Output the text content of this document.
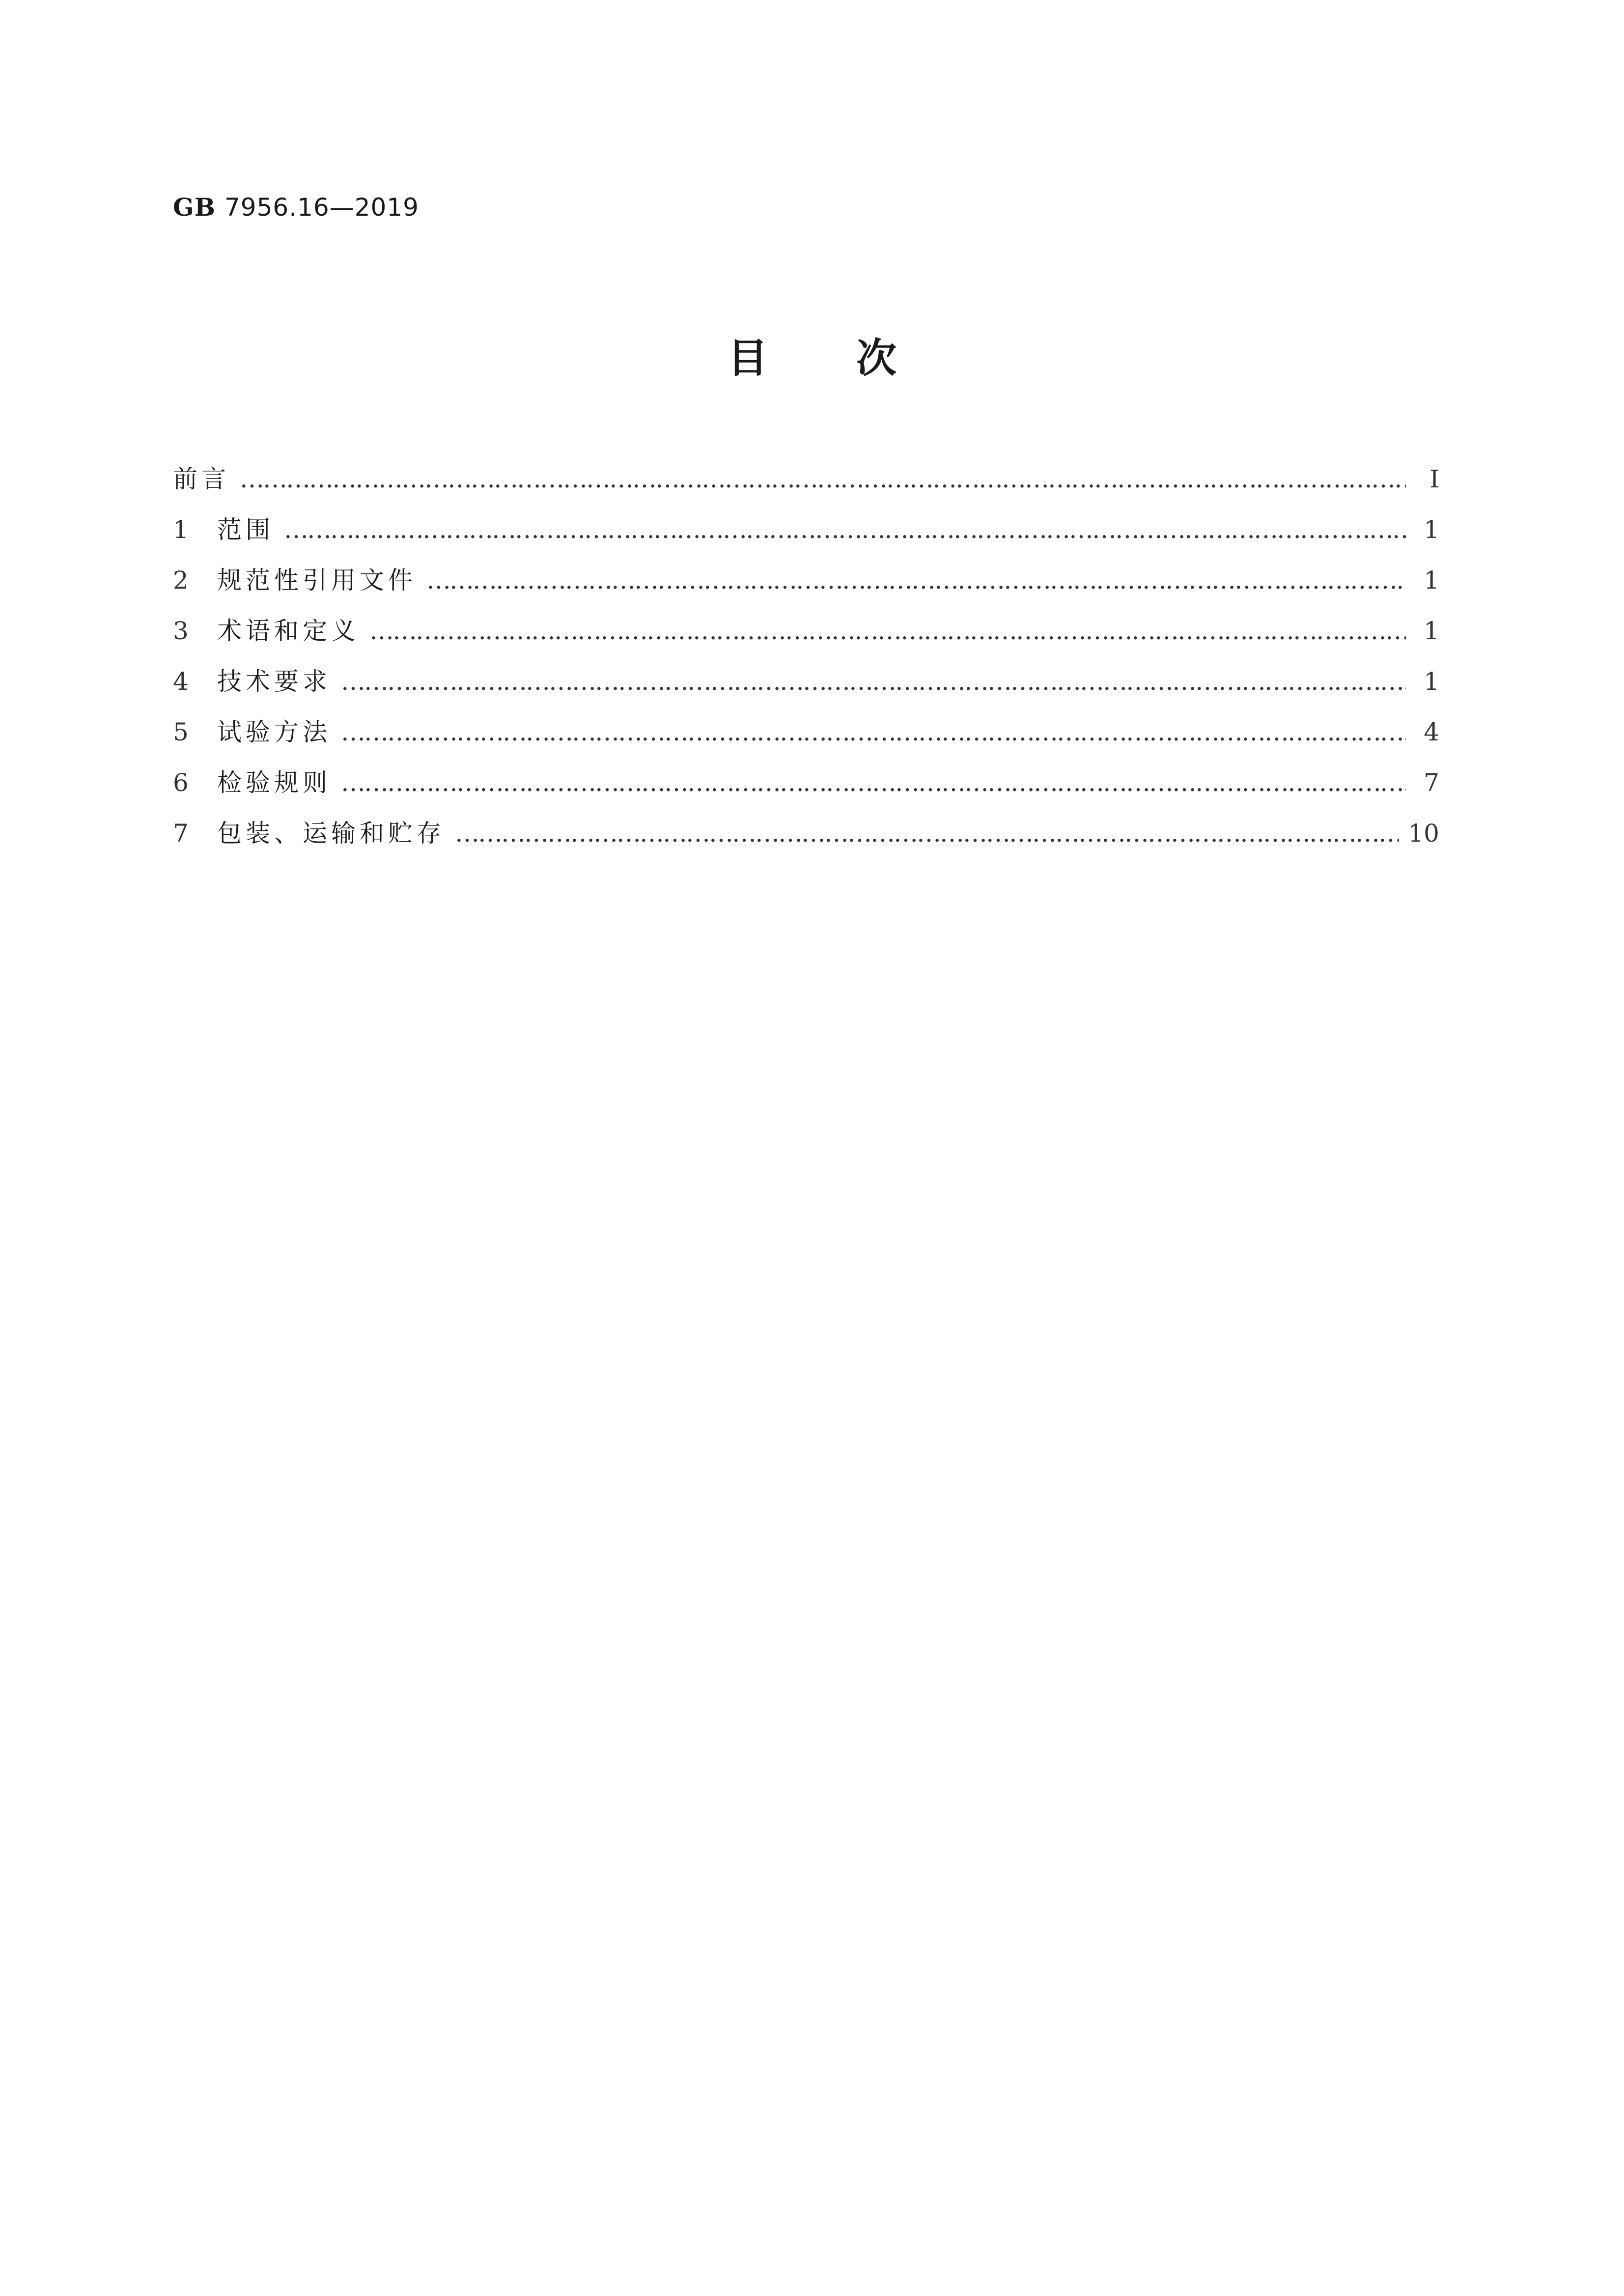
GB 7956.16—2019
目次
前言 …………………………………………………………………………………………………………………………………………………………………………………………………………………………………………………………………………	Ⅰ
1	范围 …………………………………………………………………………………………………………………………………………………………………………………………………………………………………………………………………………	1
2	规范性引用文件 …………………………………………………………………………………………………………………………………………………………………………………………………………………………………………………………………………	1
3	术语和定义 …………………………………………………………………………………………………………………………………………………………………………………………………………………………………………………………………………	1
4	技术要求 …………………………………………………………………………………………………………………………………………………………………………………………………………………………………………………………………………	1
5	试验方法 …………………………………………………………………………………………………………………………………………………………………………………………………………………………………………………………………………	4
6	检验规则 …………………………………………………………………………………………………………………………………………………………………………………………………………………………………………………………………………	7
7	包装、运输和贮存 …………………………………………………………………………………………………………………………………………………………………………………………………………………………………………………………………………	10
